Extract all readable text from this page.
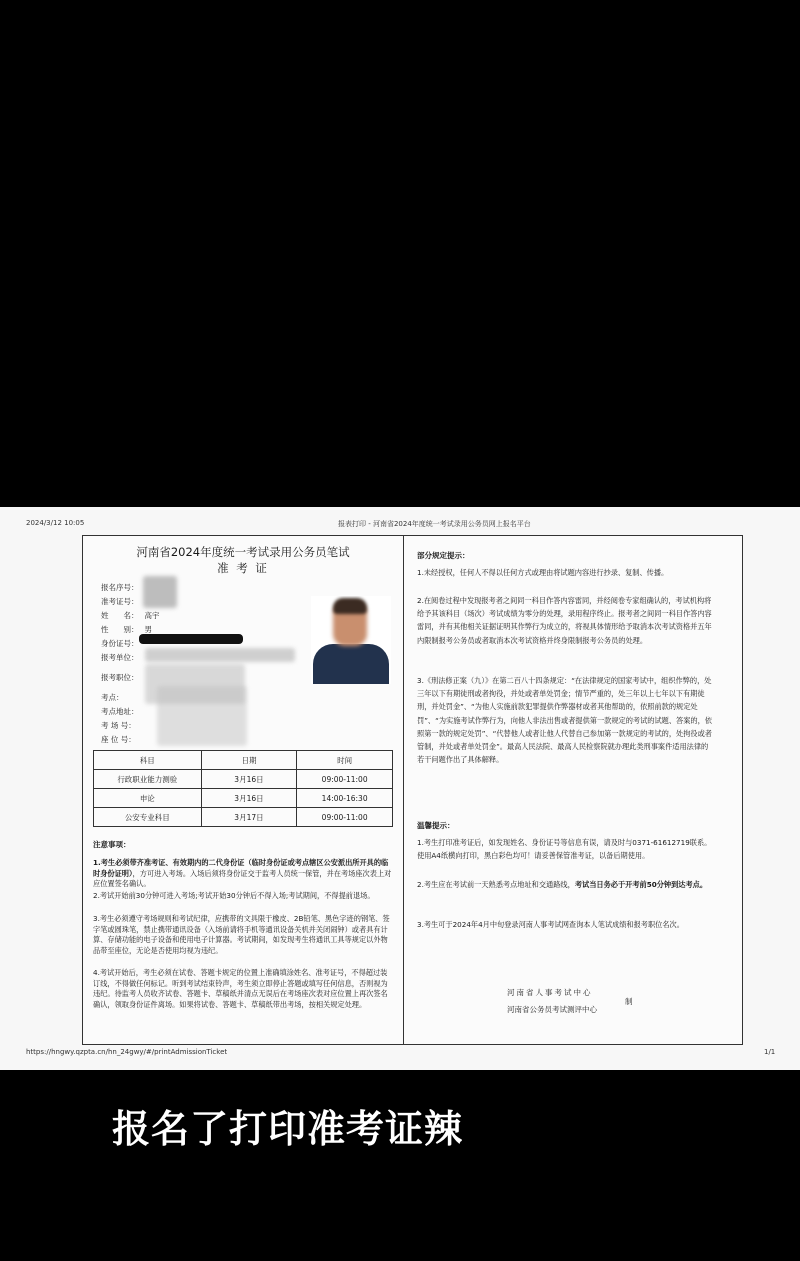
2024/3/12 10:05	报表打印 - 河南省2024年度统一考试录用公务员网上报名平台
https://hngwy.qzpta.cn/hn_24gwy/#/printAdmissionTicket	1/1
河南省2024年度统一考试录用公务员笔试
准 考 证
报名序号：
准考证号：
姓　　名： 高宇
性　　别： 男
身份证号：
报考单位：
报考职位：
考点：
考点地址：
考 场 号：
座 位 号：
科目	日期	时间
行政职业能力测验	3月16日	09:00-11:00
申论	3月16日	14:00-16:30
公安专业科目	3月17日	09:00-11:00
注意事项：
1.考生必须带齐准考证、有效期内的二代身份证（临时身份证或考点辖区公安派出所开具的临时身份证明），方可进入考场。入场后须将身份证交于监考人员统一保管，并在考场座次表上对应位置签名确认。
2.考试开始前30分钟可进入考场;考试开始30分钟后不得入场;考试期间，不得提前退场。
3.考生必须遵守考场规则和考试纪律，应携带的文具限于橡皮、2B铅笔、黑色字迹的钢笔、签字笔或圆珠笔，禁止携带通讯设备（入场前请将手机等通讯设备关机并关闭闹钟）或者具有计算、存储功能的电子设备和使用电子计算器。考试期间，如发现考生将通讯工具等规定以外物品带至座位，无论是否使用均视为违纪。
4.考试开始后，考生必须在试卷、答题卡规定的位置上准确填涂姓名、准考证号，不得超过装订线，不得做任何标记。听到考试结束铃声，考生须立即停止答题或填写任何信息，否则视为违纪。待监考人员收齐试卷、答题卡、草稿纸并清点无误后在考场座次表对应位置上再次签名确认，领取身份证件离场。如果将试卷、答题卡、草稿纸带出考场，按相关规定处理。
部分规定提示：
1.未经授权，任何人不得以任何方式或理由将试题内容进行抄录、复制、传播。
2.在阅卷过程中发现报考者之间同一科目作答内容雷同，并经阅卷专家组确认的，考试机构将给予其该科目（场次）考试成绩为零分的处理，录用程序终止。报考者之间同一科目作答内容雷同，并有其他相关证据证明其作弊行为成立的，将视具体情形给予取消本次考试资格并五年内限制报考公务员或者取消本次考试资格并终身限制报考公务员的处理。
3.《刑法修正案（九）》在第二百八十四条规定：“在法律规定的国家考试中，组织作弊的，处三年以下有期徒刑或者拘役，并处或者单处罚金；情节严重的，处三年以上七年以下有期徒刑，并处罚金”、“为他人实施前款犯罪提供作弊器材或者其他帮助的，依照前款的规定处罚”、“为实施考试作弊行为，向他人非法出售或者提供第一款规定的考试的试题、答案的，依照第一款的规定处罚”、“代替他人或者让他人代替自己参加第一款规定的考试的，处拘役或者管制，并处或者单处罚金”。最高人民法院、最高人民检察院就办理此类刑事案件适用法律的若干问题作出了具体解释。
温馨提示：
1.考生打印准考证后，如发现姓名、身份证号等信息有误，请及时与0371-61612719联系。使用A4纸横向打印，黑白彩色均可！请妥善保管准考证，以备后期使用。
2.考生应在考试前一天熟悉考点地址和交通路线，考试当日务必于开考前50分钟到达考点。
3.考生可于2024年4月中旬登录河南人事考试网查询本人笔试成绩和报考职位名次。
河南省人事考试中心
河南省公务员考试测评中心
制
报名了打印准考证辣
